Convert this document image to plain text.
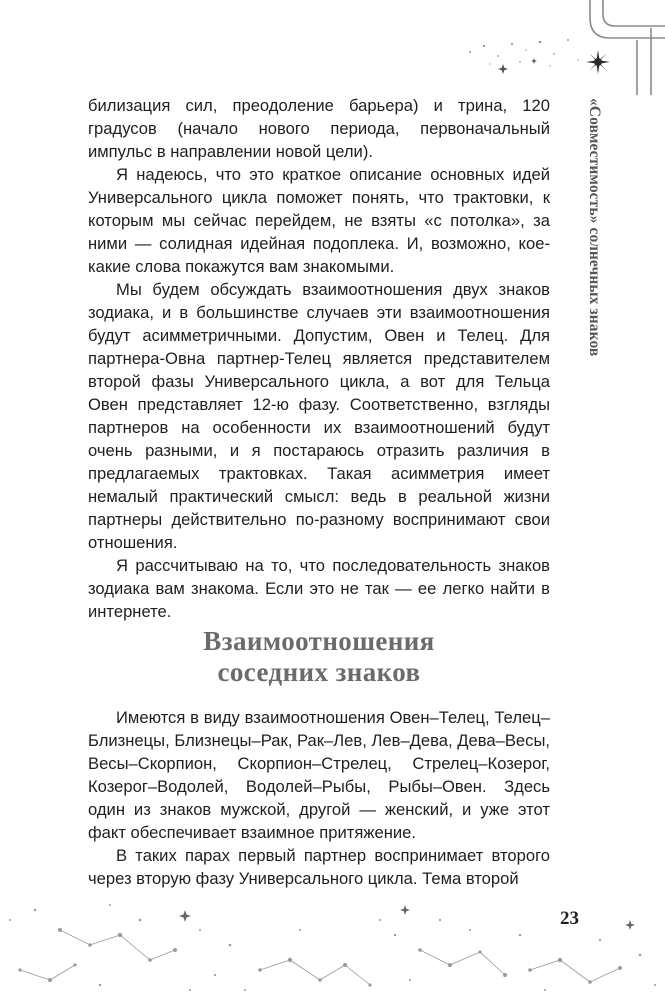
«Совместимость» солнечных знаков

билизация сил, преодоление барьера) и трина, 120 градусов (начало нового периода, первоначальный импульс в направлении новой цели).

Я надеюсь, что это краткое описание основных идей Универсального цикла поможет понять, что трактовки, к которым мы сейчас перейдем, не взяты «с потолка», за ними — солидная идейная подоплека. И, возможно, кое-какие слова покажутся вам знакомыми.

Мы будем обсуждать взаимоотношения двух знаков зодиака, и в большинстве случаев эти взаимоотношения будут асимметричными. Допустим, Овен и Телец. Для партнера-Овна партнер-Телец является представителем второй фазы Универсального цикла, а вот для Тельца Овен представляет 12-ю фазу. Соответственно, взгляды партнеров на особенности их взаимоотношений будут очень разными, и я постараюсь отразить различия в предлагаемых трактовках. Такая асимметрия имеет немалый практический смысл: ведь в реальной жизни партнеры действительно по-разному воспринимают свои отношения.

Я рассчитываю на то, что последовательность знаков зодиака вам знакома. Если это не так — ее легко найти в интернете.

Взаимоотношения
соседних знаков

Имеются в виду взаимоотношения Овен–Телец, Телец–Близнецы, Близнецы–Рак, Рак–Лев, Лев–Дева, Дева–Весы, Весы–Скорпион, Скорпион–Стрелец, Стрелец–Козерог, Козерог–Водолей, Водолей–Рыбы, Рыбы–Овен. Здесь один из знаков мужской, другой — женский, и уже этот факт обеспечивает взаимное притяжение.

В таких парах первый партнер воспринимает второго через вторую фазу Универсального цикла. Тема второй

23
